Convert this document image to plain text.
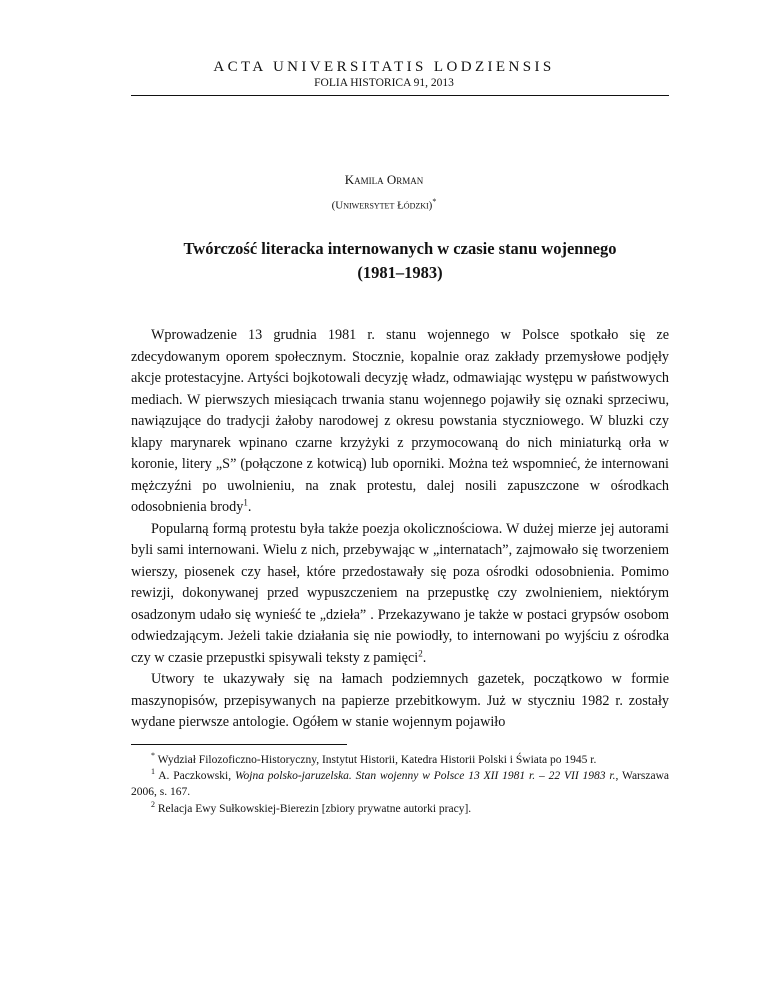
ACTA UNIVERSITATIS LODZIENSIS
FOLIA HISTORICA 91, 2013
Kamila Orman
(Uniwersytet Łódzki)*
Twórczość literacka internowanych w czasie stanu wojennego
(1981–1983)

Wprowadzenie 13 grudnia 1981 r. stanu wojennego w Polsce spotkało się ze zdecydowanym oporem społecznym. Stocznie, kopalnie oraz zakłady przemysłowe podjęły akcje protestacyjne. Artyści bojkotowali decyzję władz, odmawiając występu w państwowych mediach. W pierwszych miesiącach trwania stanu wojennego pojawiły się oznaki sprzeciwu, nawiązujące do tradycji żałoby narodowej z okresu powstania styczniowego. W bluzki czy klapy marynarek wpinano czarne krzyżyki z przymocowaną do nich miniaturką orła w koronie, litery „S” (połączone z kotwicą) lub oporniki. Można też wspomnieć, że internowani mężczyźni po uwolnieniu, na znak protestu, dalej nosili zapuszczone w ośrodkach odosobnienia brody$^1$.

Popularną formą protestu była także poezja okolicznościowa. W dużej mierze jej autorami byli sami internowani. Wielu z nich, przebywając w „internatach”, zajmowało się tworzeniem wierszy, piosenek czy haseł, które przedostawały się poza ośrodki odosobnienia. Pomimo rewizji, dokonywanej przed wypuszczeniem na przepustkę czy zwolnieniem, niektórym osadzonym udało się wynieść te „dzieła” . Przekazywano je także w postaci grypsów osobom odwiedzającym. Jeżeli takie działania się nie powiodły, to internowani po wyjściu z ośrodka czy w czasie przepustki spisywali teksty z pamięci$^2$.

Utwory te ukazywały się na łamach podziemnych gazetek, początkowo w formie maszynopisów, przepisywanych na papierze przebitkowym. Już w styczniu 1982 r. zostały wydane pierwsze antologie. Ogółem w stanie wojennym pojawiło

* Wydział Filozoficzno-Historyczny, Instytut Historii, Katedra Historii Polski i Świata po 1945 r.

$^1$ A. Paczkowski, Wojna polsko-jaruzelska. Stan wojenny w Polsce 13 XII 1981 r. – 22 VII 1983 r., Warszawa 2006, s. 167.

$^2$ Relacja Ewy Sułkowskiej-Bierezin [zbiory prywatne autorki pracy].
